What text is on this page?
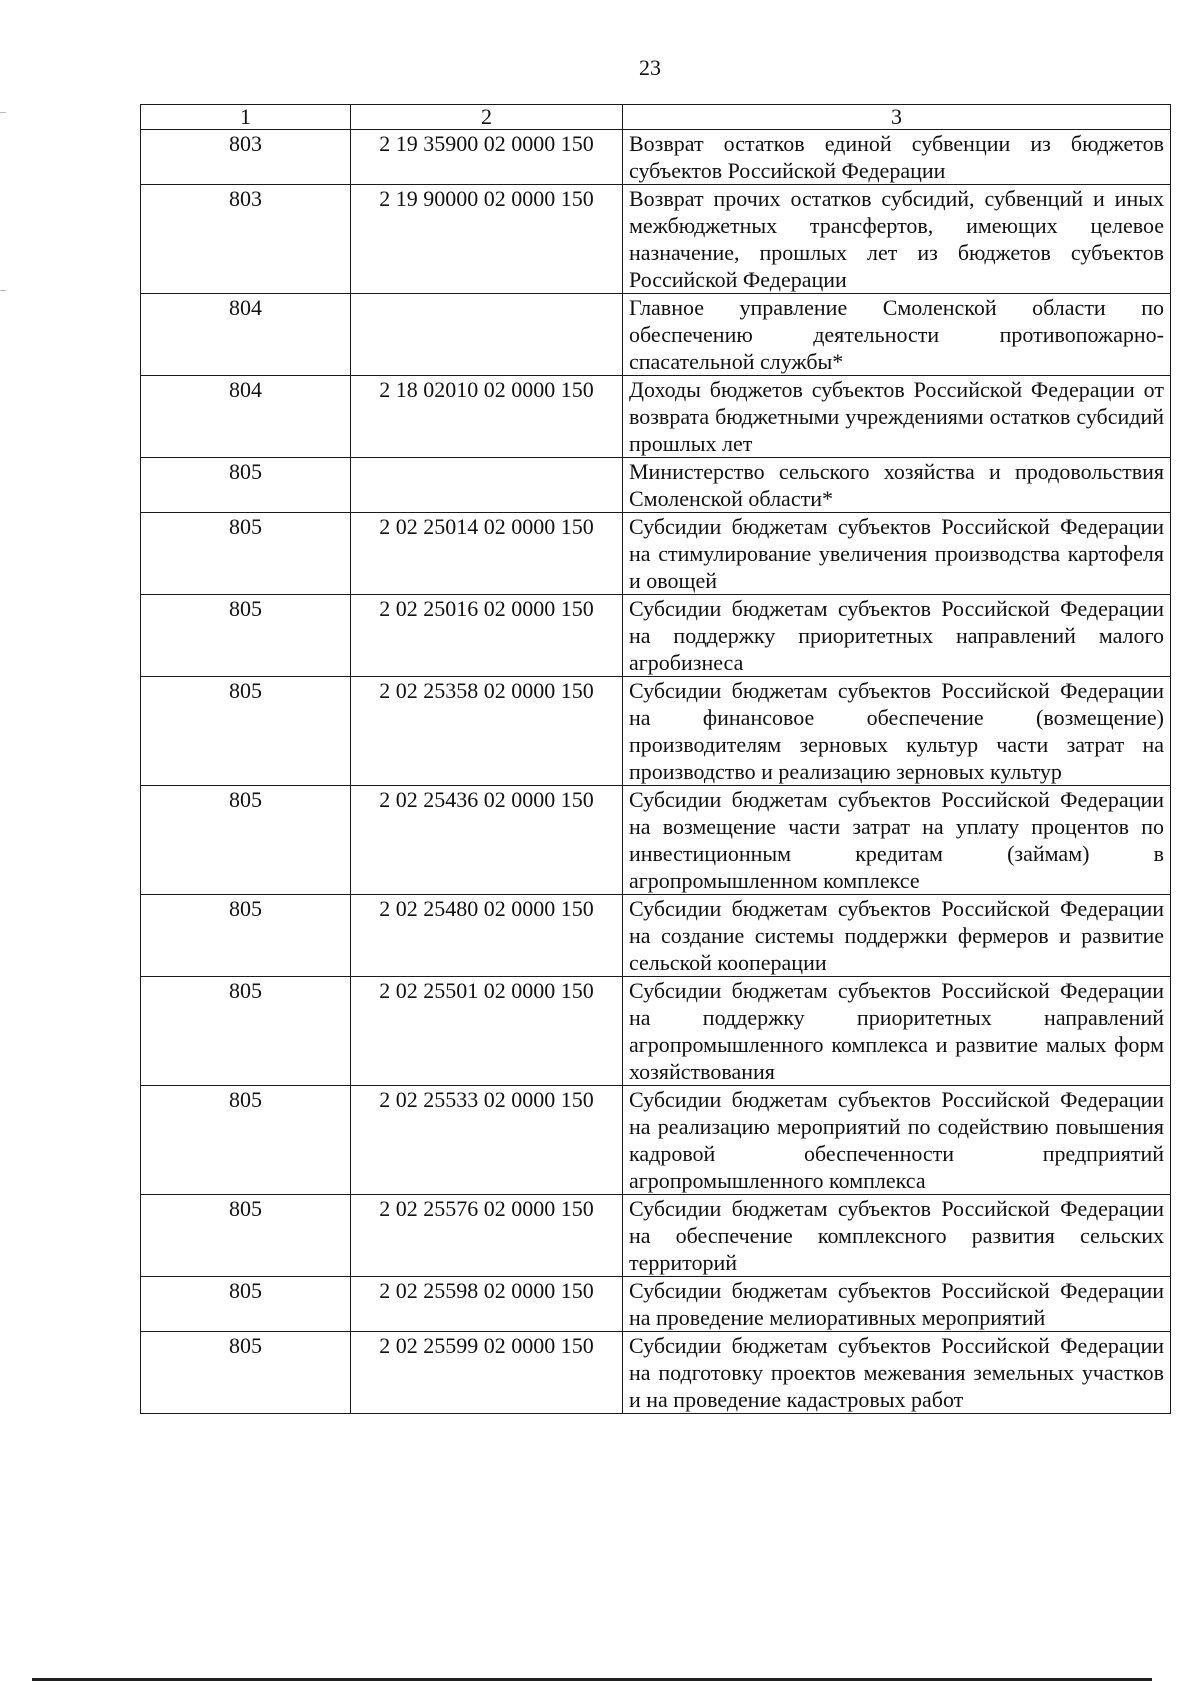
23
1	2	3
803	2 19 35900 02 0000 150	Возврат остатков единой субвенции из бюджетов субъектов Российской Федерации
803	2 19 90000 02 0000 150	Возврат прочих остатков субсидий, субвенций и иных межбюджетных трансфертов, имеющих целевое назначение, прошлых лет из бюджетов субъектов Российской Федерации
804		Главное управление Смоленской области по обеспечению деятельности противопожарно-спасательной службы*
804	2 18 02010 02 0000 150	Доходы бюджетов субъектов Российской Федерации от возврата бюджетными учреждениями остатков субсидий прошлых лет
805		Министерство сельского хозяйства и продовольствия Смоленской области*
805	2 02 25014 02 0000 150	Субсидии бюджетам субъектов Российской Федерации на стимулирование увеличения производства картофеля и овощей
805	2 02 25016 02 0000 150	Субсидии бюджетам субъектов Российской Федерации на поддержку приоритетных направлений малого агробизнеса
805	2 02 25358 02 0000 150	Субсидии бюджетам субъектов Российской Федерации на финансовое обеспечение (возмещение) производителям зерновых культур части затрат на производство и реализацию зерновых культур
805	2 02 25436 02 0000 150	Субсидии бюджетам субъектов Российской Федерации на возмещение части затрат на уплату процентов по инвестиционным кредитам (займам) в агропромышленном комплексе
805	2 02 25480 02 0000 150	Субсидии бюджетам субъектов Российской Федерации на создание системы поддержки фермеров и развитие сельской кооперации
805	2 02 25501 02 0000 150	Субсидии бюджетам субъектов Российской Федерации на поддержку приоритетных направлений агропромышленного комплекса и развитие малых форм хозяйствования
805	2 02 25533 02 0000 150	Субсидии бюджетам субъектов Российской Федерации на реализацию мероприятий по содействию повышения кадровой обеспеченности предприятий агропромышленного комплекса
805	2 02 25576 02 0000 150	Субсидии бюджетам субъектов Российской Федерации на обеспечение комплексного развития сельских территорий
805	2 02 25598 02 0000 150	Субсидии бюджетам субъектов Российской Федерации на проведение мелиоративных мероприятий
805	2 02 25599 02 0000 150	Субсидии бюджетам субъектов Российской Федерации на подготовку проектов межевания земельных участков и на проведение кадастровых работ
